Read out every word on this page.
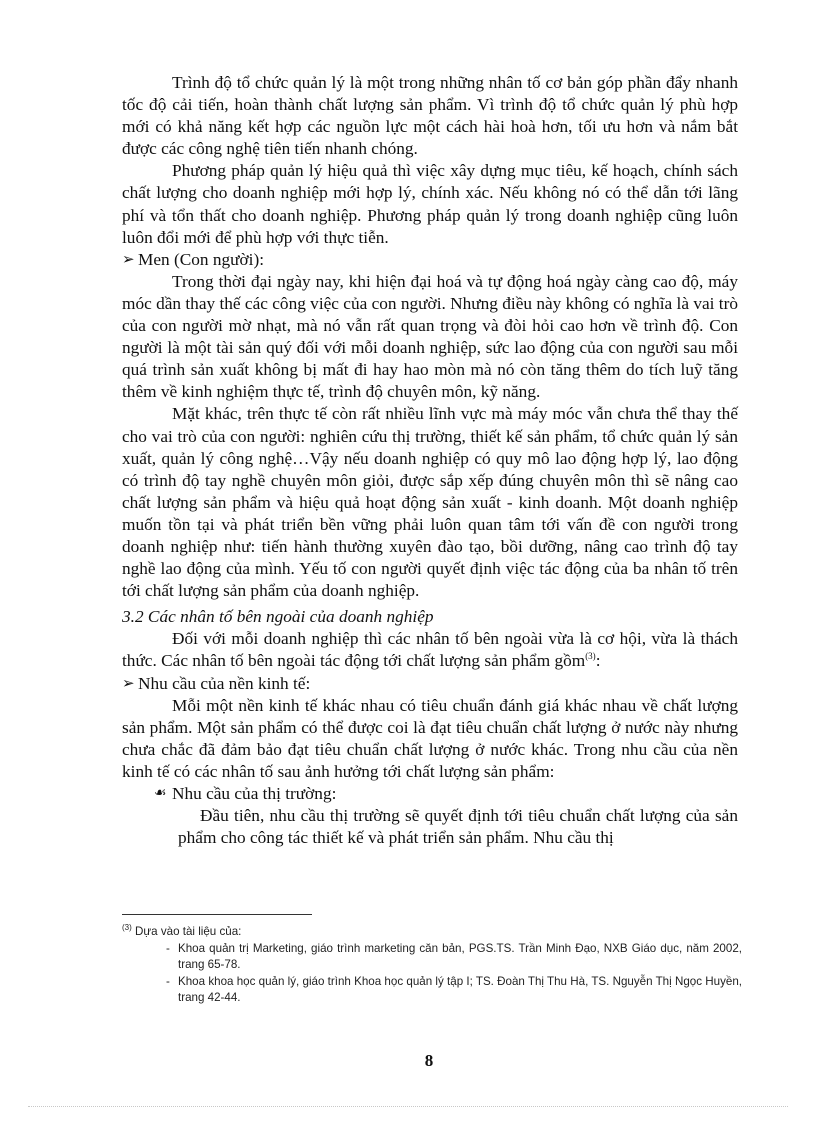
Trình độ tổ chức quản lý là một trong những nhân tố cơ bản góp phần đẩy nhanh tốc độ cải tiến, hoàn thành chất lượng sản phẩm. Vì trình độ tổ chức quản lý phù hợp mới có khả năng kết hợp các nguồn lực một cách hài hoà hơn, tối ưu hơn và nắm bắt được các công nghệ tiên tiến nhanh chóng.

Phương pháp quản lý hiệu quả thì việc xây dựng mục tiêu, kế hoạch, chính sách chất lượng cho doanh nghiệp mới hợp lý, chính xác. Nếu không nó có thể dẫn tới lãng phí và tổn thất cho doanh nghiệp. Phương pháp quản lý trong doanh nghiệp cũng luôn luôn đổi mới để phù hợp với thực tiễn.

➢ Men (Con người):

Trong thời đại ngày nay, khi hiện đại hoá và tự động hoá ngày càng cao độ, máy móc dần thay thế các công việc của con người. Nhưng điều này không có nghĩa là vai trò của con người mờ nhạt, mà nó vẫn rất quan trọng và đòi hỏi cao hơn về trình độ. Con người là một tài sản quý đối với mỗi doanh nghiệp, sức lao động của con người sau mỗi quá trình sản xuất không bị mất đi hay hao mòn mà nó còn tăng thêm do tích luỹ tăng thêm về kinh nghiệm thực tế, trình độ chuyên môn, kỹ năng.

Mặt khác, trên thực tế còn rất nhiều lĩnh vực mà máy móc vẫn chưa thể thay thế cho vai trò của con người: nghiên cứu thị trường, thiết kế sản phẩm, tổ chức quản lý sản xuất, quản lý công nghệ…Vậy nếu doanh nghiệp có quy mô lao động hợp lý, lao động có trình độ tay nghề chuyên môn giỏi, được sắp xếp đúng chuyên môn thì sẽ nâng cao chất lượng sản phẩm và hiệu quả hoạt động sản xuất - kinh doanh. Một doanh nghiệp muốn tồn tại và phát triển bền vững phải luôn quan tâm tới vấn đề con người trong doanh nghiệp như: tiến hành thường xuyên đào tạo, bồi dưỡng, nâng cao trình độ tay nghề lao động của mình. Yếu tố con người quyết định việc tác động của ba nhân tố trên tới chất lượng sản phẩm của doanh nghiệp.

3.2 Các nhân tố bên ngoài của doanh nghiệp

Đối với mỗi doanh nghiệp thì các nhân tố bên ngoài vừa là cơ hội, vừa là thách thức. Các nhân tố bên ngoài tác động tới chất lượng sản phẩm gồm$^{(3)}$:

➢ Nhu cầu của nền kinh tế:

Mỗi một nền kinh tế khác nhau có tiêu chuẩn đánh giá khác nhau về chất lượng sản phẩm. Một sản phẩm có thể được coi là đạt tiêu chuẩn chất lượng ở nước này nhưng chưa chắc đã đảm bảo đạt tiêu chuẩn chất lượng ở nước khác. Trong nhu cầu của nền kinh tế có các nhân tố sau ảnh hưởng tới chất lượng sản phẩm:

☙ Nhu cầu của thị trường:

Đầu tiên, nhu cầu thị trường sẽ quyết định tới tiêu chuẩn chất lượng của sản phẩm cho công tác thiết kế và phát triển sản phẩm. Nhu cầu thị

$^{(3)}$ Dựa vào tài liệu của:

- Khoa quản trị Marketing, giáo trình marketing căn bản, PGS.TS. Trần Minh Đạo, NXB Giáo dục, năm 2002, trang 65-78.

- Khoa khoa học quản lý, giáo trình Khoa học quản lý tập I; TS. Đoàn Thị Thu Hà, TS. Nguyễn Thị Ngọc Huyền, trang 42-44.

8
